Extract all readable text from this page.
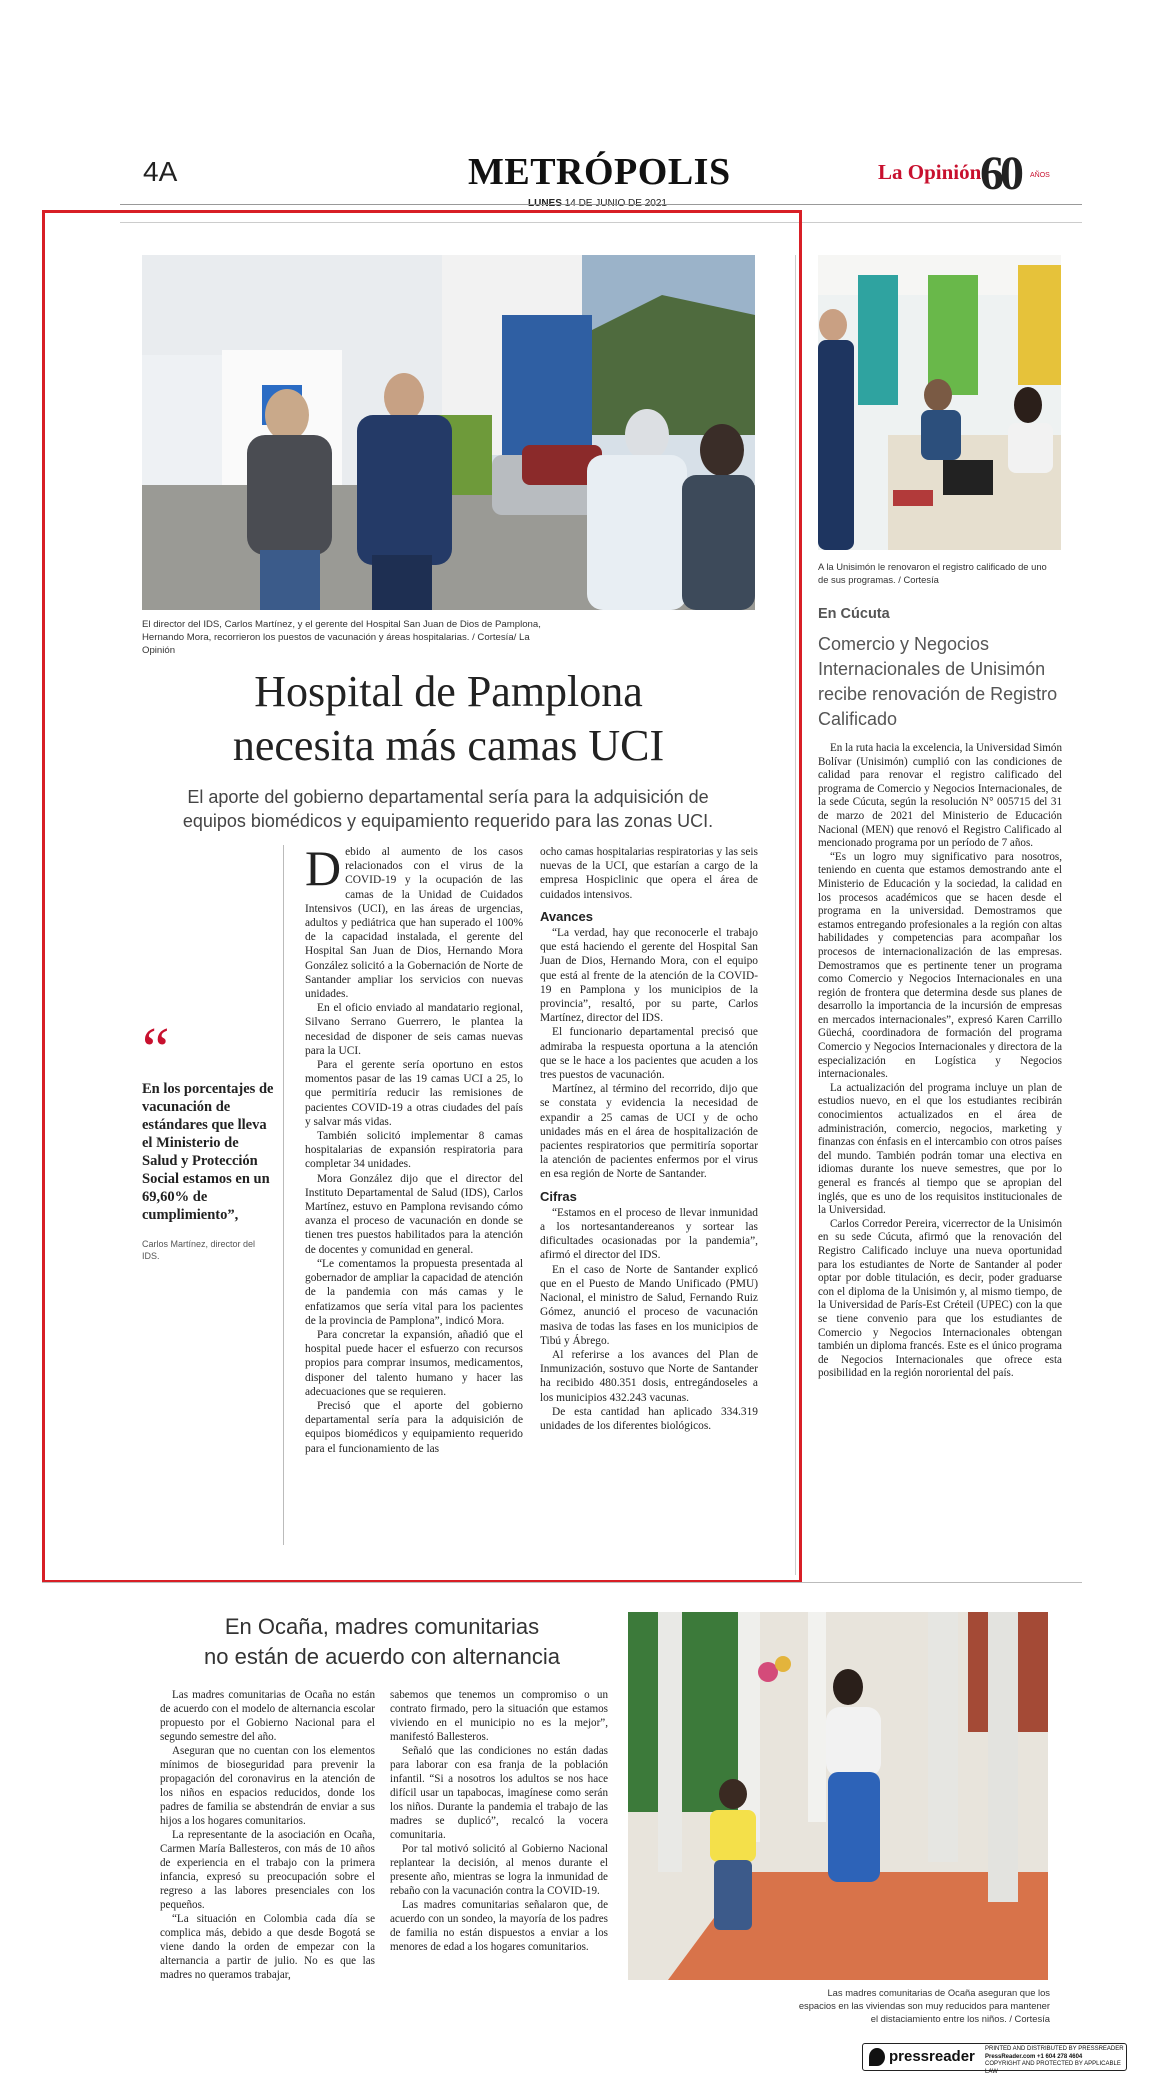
4A	METRÓPOLIS	La Opinión
60 AÑOS
El director del IDS, Carlos Martínez, y el gerente del Hospital San Juan de Dios de Pamplona, Hernando Mora, recorrieron los puestos de vacunación y áreas hospitalarias. / Cortesía/ La Opinión
Hospital de Pamplona
necesita más camas UCI
El aporte del gobierno departamental sería para la adquisición de equipos biomédicos y equipamiento requerido para las zonas UCI.
“
En los porcentajes de vacunación de estándares que lleva el Ministerio de Salud y Protección Social estamos en un 69,60% de cumplimiento”,
Carlos Martínez, director del IDS.
D ebido al aumento de los casos relacionados con el virus de la COVID-19 y la ocupación de las camas de la Unidad de Cuidados Intensivos (UCI), en las áreas de urgencias, adultos y pediátrica que han superado el 100% de la capacidad instalada, el gerente del Hospital San Juan de Dios, Hernando Mora González solicitó a la Gobernación de Norte de Santander ampliar los servicios con nuevas unidades.

En el oficio enviado al mandatario regional, Silvano Serrano Guerrero, le plantea la necesidad de disponer de seis camas nuevas para la UCI.

Para el gerente sería oportuno en estos momentos pasar de las 19 camas UCI a 25, lo que permitiría reducir las remisiones de pacientes COVID-19 a otras ciudades del país y salvar más vidas.

También solicitó implementar 8 camas hospitalarias de expansión respiratoria para completar 34 unidades.

Mora González dijo que el director del Instituto Departamental de Salud (IDS), Carlos Martínez, estuvo en Pamplona revisando cómo avanza el proceso de vacunación en donde se tienen tres puestos habilitados para la atención de docentes y comunidad en general.

“Le comentamos la propuesta presentada al gobernador de ampliar la capacidad de atención de la pandemia con más camas y le enfatizamos que sería vital para los pacientes de la provincia de Pamplona”, indicó Mora.

Para concretar la expansión, añadió que el hospital puede hacer el esfuerzo con recursos propios para comprar insumos, medicamentos, disponer del talento humano y hacer las adecuaciones que se requieren.

Precisó que el aporte del gobierno departamental sería para la adquisición de equipos biomédicos y equipamiento requerido para el funcionamiento de las

ocho camas hospitalarias respiratorias y las seis nuevas de la UCI, que estarían a cargo de la empresa Hospiclinic que opera el área de cuidados intensivos.

Avances

“La verdad, hay que reconocerle el trabajo que está haciendo el gerente del Hospital San Juan de Dios, Hernando Mora, con el equipo que está al frente de la atención de la COVID-19 en Pamplona y los municipios de la provincia”, resaltó, por su parte, Carlos Martínez, director del IDS.

El funcionario departamental precisó que admiraba la respuesta oportuna a la atención que se le hace a los pacientes que acuden a los tres puestos de vacunación.

Martínez, al término del recorrido, dijo que se constata y evidencia la necesidad de expandir a 25 camas de UCI y de ocho unidades más en el área de hospitalización de pacientes respiratorios que permitiría soportar la atención de pacientes enfermos por el virus en esa región de Norte de Santander.

Cifras

“Estamos en el proceso de llevar inmunidad a los nortesantandereanos y sortear las dificultades ocasionadas por la pandemia”, afirmó el director del IDS.

En el caso de Norte de Santander explicó que en el Puesto de Mando Unificado (PMU) Nacional, el ministro de Salud, Fernando Ruiz Gómez, anunció el proceso de vacunación masiva de todas las fases en los municipios de Tibú y Ábrego.

Al referirse a los avances del Plan de Inmunización, sostuvo que Norte de Santander ha recibido 480.351 dosis, entregándoseles a los municipios 432.243 vacunas.

De esta cantidad han aplicado 334.319 unidades de los diferentes biológicos.

A la Unisimón le renovaron el registro calificado de uno de sus programas. / Cortesía
En Cúcuta
Comercio y Negocios Internacionales de Unisimón recibe renovación de Registro Calificado

En la ruta hacia la excelencia, la Universidad Simón Bolívar (Unisimón) cumplió con las condiciones de calidad para renovar el registro calificado del programa de Comercio y Negocios Internacionales, de la sede Cúcuta, según la resolución N° 005715 del 31 de marzo de 2021 del Ministerio de Educación Nacional (MEN) que renovó el Registro Calificado al mencionado programa por un período de 7 años.

“Es un logro muy significativo para nosotros, teniendo en cuenta que estamos demostrando ante el Ministerio de Educación y la sociedad, la calidad en los procesos académicos que se hacen desde el programa en la universidad. Demostramos que estamos entregando profesionales a la región con altas habilidades y competencias para acompañar los procesos de internacionalización de las empresas. Demostramos que es pertinente tener un programa como Comercio y Negocios Internacionales en una región de frontera que determina desde sus planes de desarrollo la importancia de la incursión de empresas en mercados internacionales”, expresó Karen Carrillo Güechá, coordinadora de formación del programa Comercio y Negocios Internacionales y directora de la especialización en Logística y Negocios internacionales.

La actualización del programa incluye un plan de estudios nuevo, en el que los estudiantes recibirán conocimientos actualizados en el área de administración, comercio, negocios, marketing y finanzas con énfasis en el intercambio con otros países del mundo. También podrán tomar una electiva en idiomas durante los nueve semestres, que por lo general es francés al tiempo que se apropian del inglés, que es uno de los requisitos institucionales de la Universidad.

Carlos Corredor Pereira, vicerrector de la Unisimón en su sede Cúcuta, afirmó que la renovación del Registro Calificado incluye una nueva oportunidad para los estudiantes de Norte de Santander al poder optar por doble titulación, es decir, poder graduarse con el diploma de la Unisimón y, al mismo tiempo, de la Universidad de París-Est Créteil (UPEC) con la que se tiene convenio para que los estudiantes de Comercio y Negocios Internacionales obtengan también un diploma francés. Este es el único programa de Negocios Internacionales que ofrece esta posibilidad en la región nororiental del país.

En Ocaña, madres comunitarias
no están de acuerdo con alternancia

Las madres comunitarias de Ocaña no están de acuerdo con el modelo de alternancia escolar propuesto por el Gobierno Nacional para el segundo semestre del año.

Aseguran que no cuentan con los elementos mínimos de bioseguridad para prevenir la propagación del coronavirus en la atención de los niños en espacios reducidos, donde los padres de familia se abstendrán de enviar a sus hijos a los hogares comunitarios.

La representante de la asociación en Ocaña, Carmen María Ballesteros, con más de 10 años de experiencia en el trabajo con la primera infancia, expresó su preocupación sobre el regreso a las labores presenciales con los pequeños.

“La situación en Colombia cada día se complica más, debido a que desde Bogotá se viene dando la orden de empezar con la alternancia a partir de julio. No es que las madres no queramos trabajar,

sabemos que tenemos un compromiso o un contrato firmado, pero la situación que estamos viviendo en el municipio no es la mejor”, manifestó Ballesteros.

Señaló que las condiciones no están dadas para laborar con esa franja de la población infantil. “Si a nosotros los adultos se nos hace difícil usar un tapabocas, imagínese como serán los niños. Durante la pandemia el trabajo de las madres se duplicó”, recalcó la vocera comunitaria.

Por tal motivó solicitó al Gobierno Nacional replantear la decisión, al menos durante el presente año, mientras se logra la inmunidad de rebaño con la vacunación contra la COVID-19.

Las madres comunitarias señalaron que, de acuerdo con un sondeo, la mayoría de los padres de familia no están dispuestos a enviar a los menores de edad a los hogares comunitarios.

Las madres comunitarias de Ocaña aseguran que los espacios en las viviendas son muy reducidos para mantener el distaciamiento entre los niños. / Cortesía
pressreader PRINTED AND DISTRIBUTED BY PRESSREADER
PressReader.com +1 604 278 4604
COPYRIGHT AND PROTECTED BY APPLICABLE LAW
